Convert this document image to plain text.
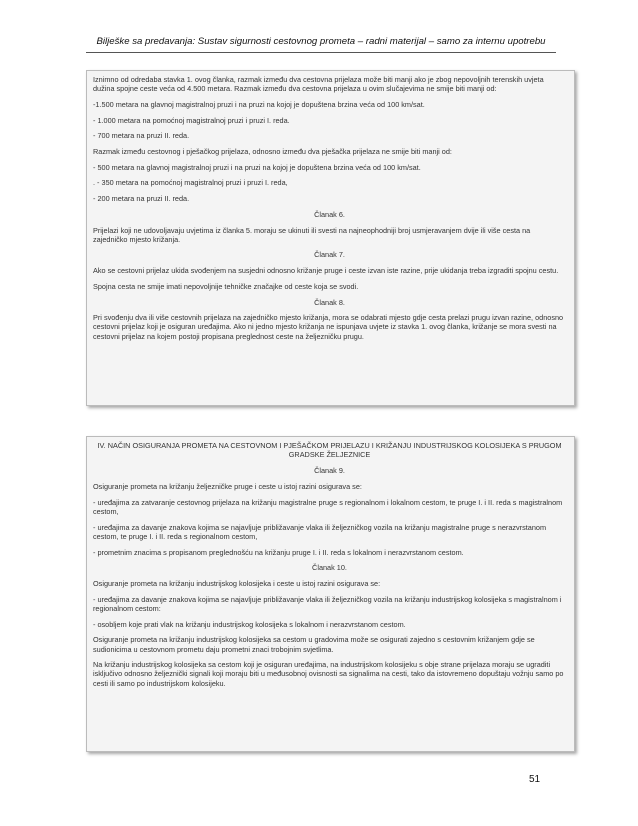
Bilješke sa predavanja: Sustav sigurnosti cestovnog prometa – radni materijal – samo za internu upotrebu

Iznimno od odredaba stavka 1. ovog članka, razmak između dva cestovna prijelaza može biti manji ako je zbog nepovoljnih terenskih uvjeta dužina spojne ceste veća od 4.500 metara. Razmak između dva cestovna prijelaza u ovim slučajevima ne smije biti manji od:

-1.500 metara na glavnoj magistralnoj pruzi i na pruzi na kojoj je dopuštena brzina veća od 100 km/sat.

- 1.000 metara na pomoćnoj magistralnoj pruzi i pruzi I. reda.

- 700 metara na pruzi II. reda.

Razmak između cestovnog i pješačkog prijelaza, odnosno između dva pješačka prijelaza ne smije biti manji od:

- 500 metara na glavnoj magistralnoj pruzi i na pruzi na kojoj je dopuštena brzina veća od 100 km/sat.

. - 350 metara na pomoćnoj magistralnoj pruzi i pruzi I. reda,

- 200 metara na pruzi II. reda.

Članak 6.

Prijelazi koji ne udovoljavaju uvjetima iz članka 5. moraju se ukinuti ili svesti na najneophodniji broj usmjeravanjem dvije ili više cesta na zajedničko mjesto križanja.

Članak 7.

Ako se cestovni prijelaz ukida svođenjem na susjedni odnosno križanje pruge i ceste izvan iste razine, prije ukidanja treba izgraditi spojnu cestu.

Spojna cesta ne smije imati nepovoljnije tehničke značajke od ceste koja se svodi.

Članak 8.

Pri svođenju dva ili više cestovnih prijelaza na zajedničko mjesto križanja, mora se odabrati mjesto gdje cesta prelazi prugu izvan razine, odnosno cestovni prijelaz koji je osiguran uređajima. Ako ni jedno mjesto križanja ne ispunjava uvjete iz stavka 1. ovog članka, križanje se mora svesti na cestovni prijelaz na kojem postoji propisana preglednost ceste na željezničku prugu.

IV. NAČIN OSIGURANJA PROMETA NA CESTOVNOM I PJEŠAČKOM PRIJELAZU I KRIŽANJU INDUSTRIJSKOG KOLOSIJEKA S PRUGOM GRADSKE ŽELJEZNICE

Članak 9.

Osiguranje prometa na križanju željezničke pruge i ceste u istoj razini osigurava se:

- uređajima za zatvaranje cestovnog prijelaza na križanju magistralne pruge s regionalnom i lokalnom cestom, te pruge I. i II. reda s magistralnom cestom,

- uređajima za davanje znakova kojima se najavljuje približavanje vlaka ili željezničkog vozila na križanju magistralne pruge s nerazvrstanom cestom, te pruge I. i II. reda s regionalnom cestom,

- prometnim znacima s propisanom preglednošću na križanju pruge I. i II. reda s lokalnom i nerazvrstanom cestom.

Članak 10.

Osiguranje prometa na križanju industrijskog kolosijeka i ceste u istoj razini osigurava se:

- uređajima za davanje znakova kojima se najavljuje približavanje vlaka ili željezničkog vozila na križanju industrijskog kolosijeka s magistralnom i regionalnom cestom:

- osobljem koje prati vlak na križanju industrijskog kolosijeka s lokalnom i nerazvrstanom cestom.

Osiguranje prometa na križanju industrijskog kolosijeka sa cestom u gradovima može se osigurati zajedno s cestovnim križanjem gdje se sudionicima u cestovnom prometu daju prometni znaci trobojnim svjetlima.

Na križanju industrijskog kolosijeka sa cestom koji je osiguran uređajima, na industrijskom kolosijeku s obje strane prijelaza moraju se ugraditi isključivo odnosno željeznički signali koji moraju biti u međusobnoj ovisnosti sa signalima na cesti, tako da istovremeno dopuštaju vožnju samo po cesti ili samo po industrijskom kolosijeku.

51
